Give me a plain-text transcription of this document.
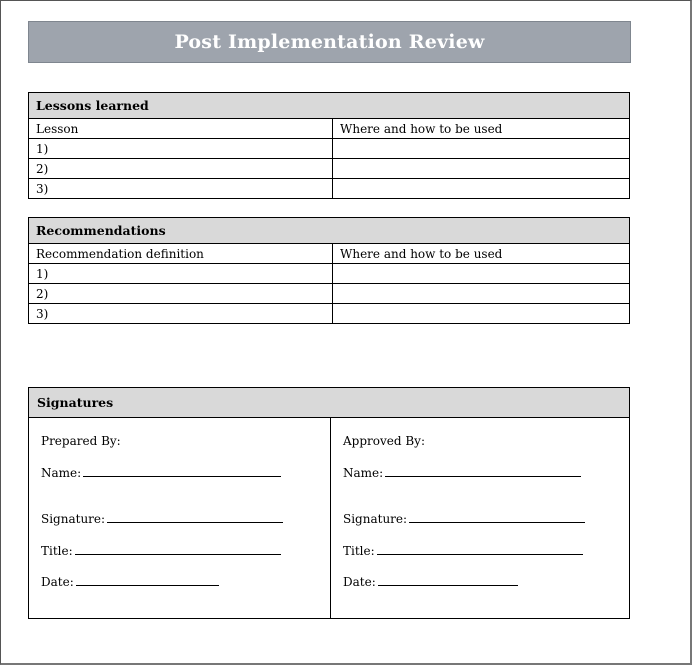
Post Implementation Review
Lessons learned	
Lesson	Where and how to be used
1)	
2)	
3)	
Recommendations	
Recommendation definition	Where and how to be used
1)	
2)	
3)	
Signatures
Prepared By:
Name:
Signature:
Title:
Date:
Approved By:
Name:
Signature:
Title:
Date:
